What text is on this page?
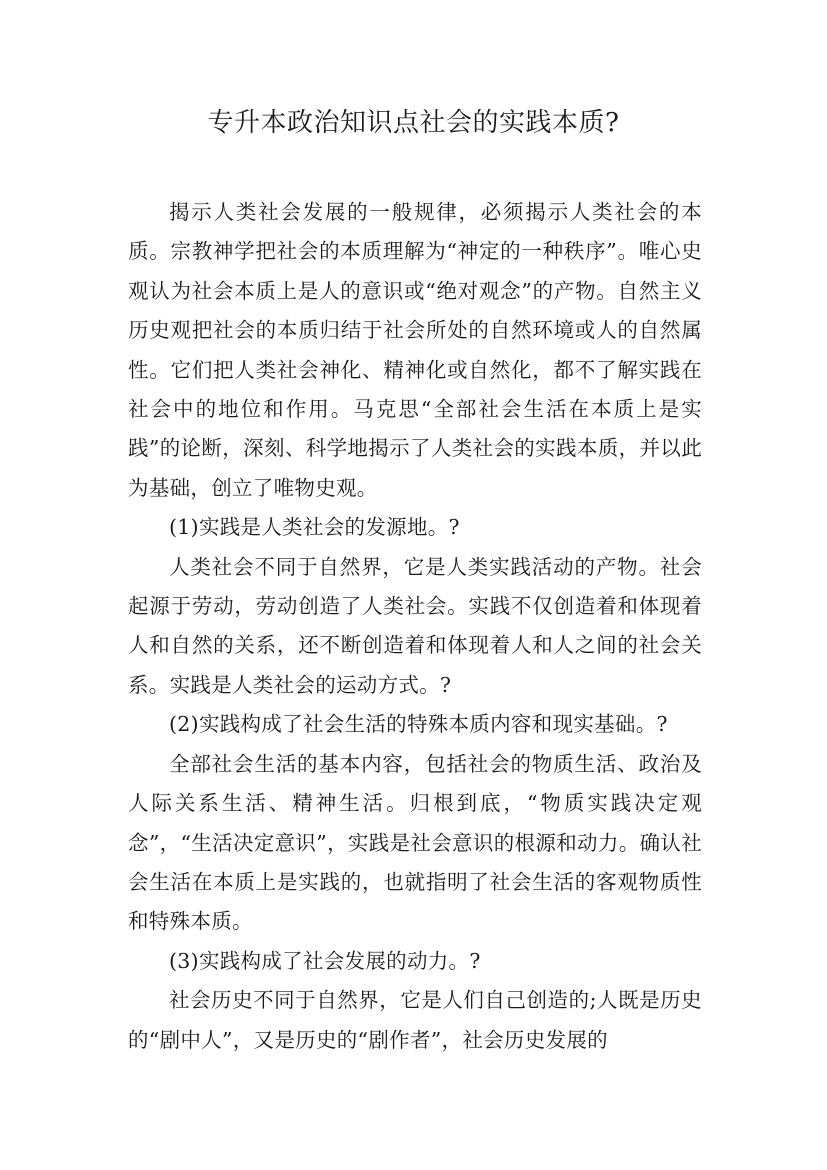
专升本政治知识点社会的实践本质?

揭示人类社会发展的一般规律，必须揭示人类社会的本质。宗教神学把社会的本质理解为“神定的一种秩序”。唯心史观认为社会本质上是人的意识或“绝对观念”的产物。自然主义历史观把社会的本质归结于社会所处的自然环境或人的自然属性。它们把人类社会神化、精神化或自然化，都不了解实践在社会中的地位和作用。马克思“全部社会生活在本质上是实践”的论断，深刻、科学地揭示了人类社会的实践本质，并以此为基础，创立了唯物史观。

(1)实践是人类社会的发源地。?

人类社会不同于自然界，它是人类实践活动的产物。社会起源于劳动，劳动创造了人类社会。实践不仅创造着和体现着人和自然的关系，还不断创造着和体现着人和人之间的社会关系。实践是人类社会的运动方式。?

(2)实践构成了社会生活的特殊本质内容和现实基础。?

全部社会生活的基本内容，包括社会的物质生活、政治及人际关系生活、精神生活。归根到底，“物质实践决定观念”，“生活决定意识”，实践是社会意识的根源和动力。确认社会生活在本质上是实践的，也就指明了社会生活的客观物质性和特殊本质。

(3)实践构成了社会发展的动力。?

社会历史不同于自然界，它是人们自己创造的;人既是历史的“剧中人”，又是历史的“剧作者”，社会历史发展的
